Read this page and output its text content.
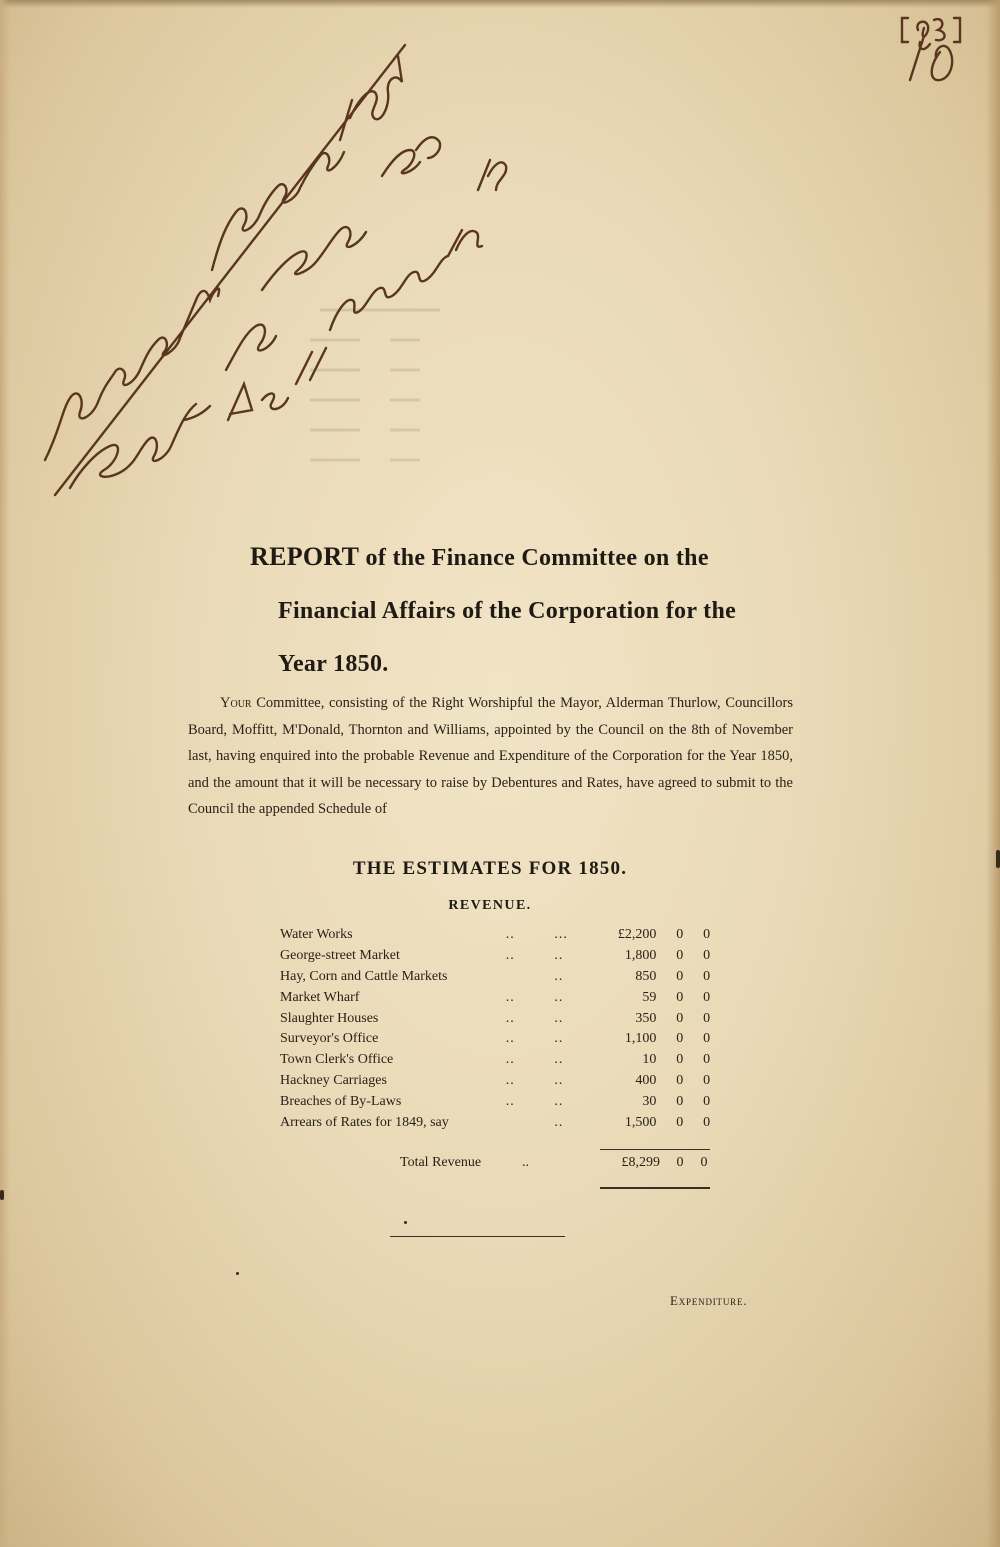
REPORT of the Finance Committee on the
Financial Affairs of the Corporation for the
Year 1850.

Your Committee, consisting of the Right Worshipful the Mayor, Alderman Thurlow, Councillors Board, Moffitt, M'Donald, Thornton and Williams, appointed by the Council on the 8th of November last, having enquired into the probable Revenue and Expenditure of the Corporation for the Year 1850, and the amount that it will be necessary to raise by Debentures and Rates, have agreed to submit to the Council the appended Schedule of

THE ESTIMATES FOR 1850.
REVENUE.
Water Works	..	...	£2,200	0	0
George-street Market	..	..	1,800	0	0
Hay, Corn and Cattle Markets		..	850	0	0
Market Wharf	..	..	59	0	0
Slaughter Houses	..	..	350	0	0
Surveyor's Office	..	..	1,100	0	0
Town Clerk's Office	..	..	10	0	0
Hackney Carriages	..	..	400	0	0
Breaches of By-Laws	..	..	30	0	0
Arrears of Rates for 1849, say		..	1,500	0	0
Total Revenue	..	£8,299	0	0

Expenditure.
